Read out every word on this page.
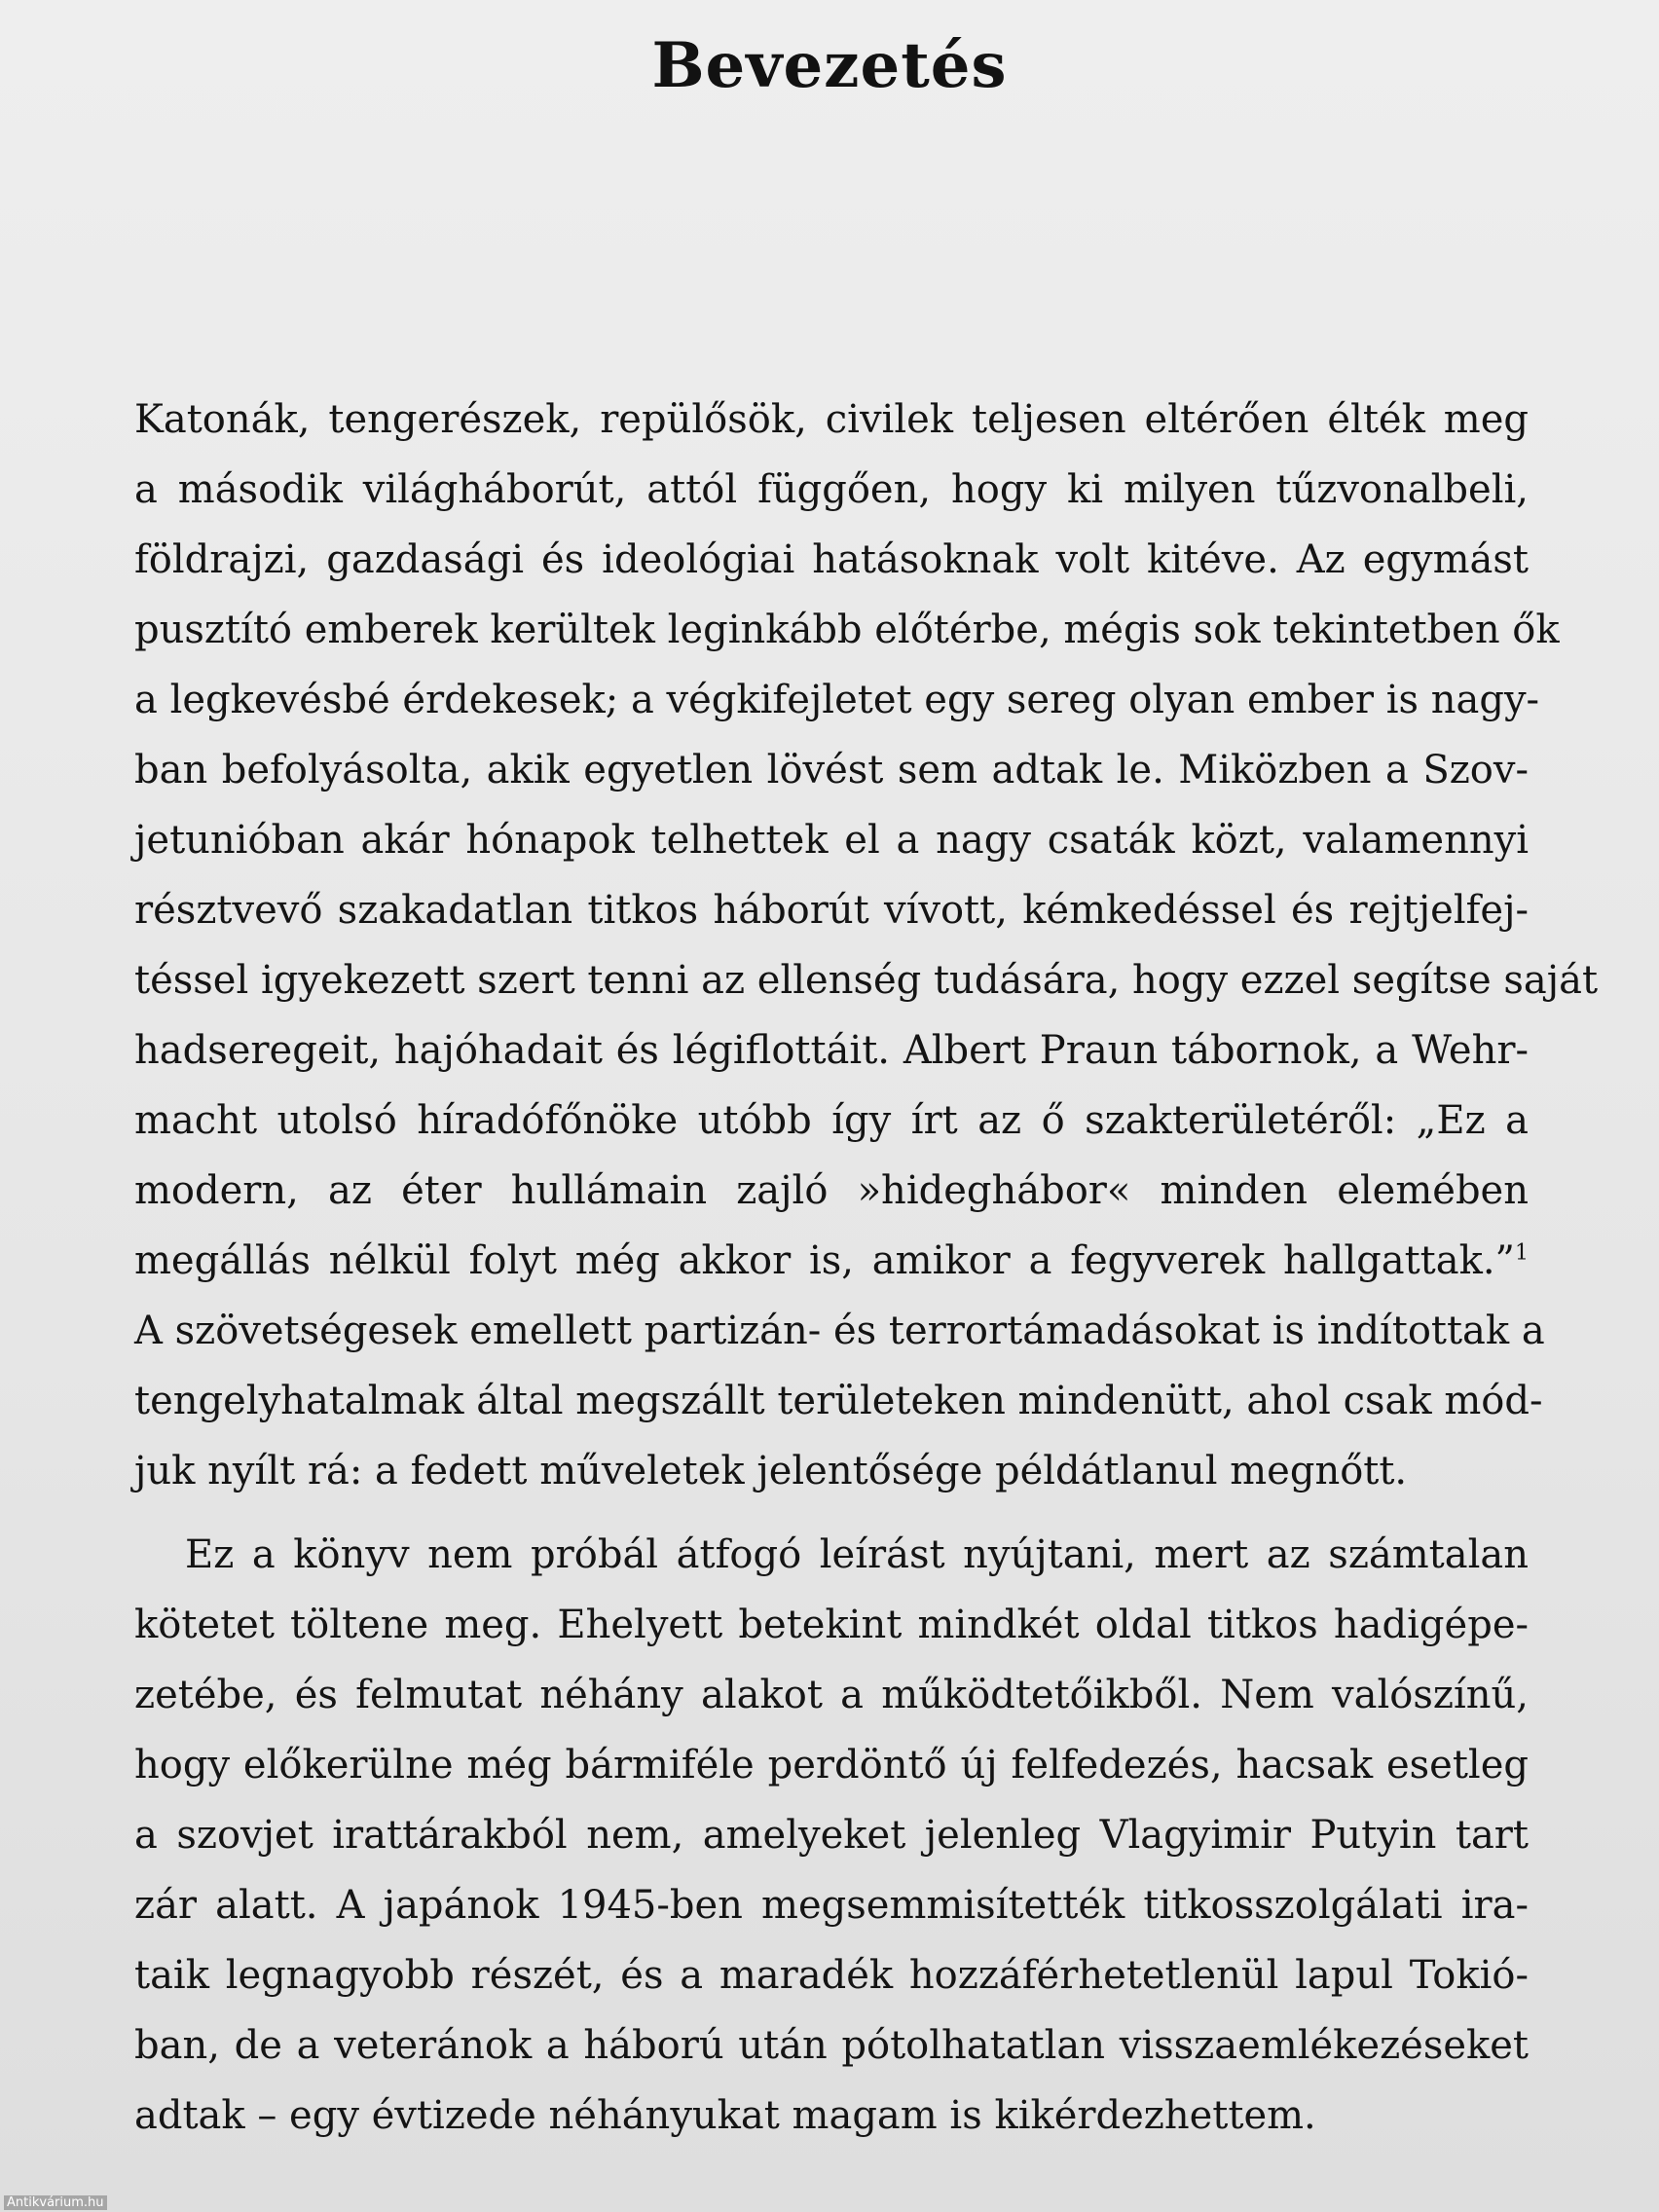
Bevezetés
Katonák, tengerészek, repülősök, civilek teljesen eltérően élték meg
a második világháborút, attól függően, hogy ki milyen tűzvonalbeli,
földrajzi, gazdasági és ideológiai hatásoknak volt kitéve. Az egymást
pusztító emberek kerültek leginkább előtérbe, mégis sok tekintetben ők
a legkevésbé érdekesek; a végkifejletet egy sereg olyan ember is nagy-
ban befolyásolta, akik egyetlen lövést sem adtak le. Miközben a Szov-
jetunióban akár hónapok telhettek el a nagy csaták közt, valamennyi
résztvevő szakadatlan titkos háborút vívott, kémkedéssel és rejtjelfej-
téssel igyekezett szert tenni az ellenség tudására, hogy ezzel segítse saját
hadseregeit, hajóhadait és légiflottáit. Albert Praun tábornok, a Wehr-
macht utolsó híradófőnöke utóbb így írt az ő szakterületéről: „Ez a
modern, az éter hullámain zajló »hideghábor« minden elemében
megállás nélkül folyt még akkor is, amikor a fegyverek hallgattak.”$^1$
A szövetségesek emellett partizán- és terrortámadásokat is indítottak a
tengelyhatalmak által megszállt területeken mindenütt, ahol csak mód-
juk nyílt rá: a fedett műveletek jelentősége példátlanul megnőtt.
Ez a könyv nem próbál átfogó leírást nyújtani, mert az számtalan
kötetet töltene meg. Ehelyett betekint mindkét oldal titkos hadigépe-
zetébe, és felmutat néhány alakot a működtetőikből. Nem valószínű,
hogy előkerülne még bármiféle perdöntő új felfedezés, hacsak esetleg
a szovjet irattárakból nem, amelyeket jelenleg Vlagyimir Putyin tart
zár alatt. A japánok 1945-ben megsemmisítették titkosszolgálati ira-
taik legnagyobb részét, és a maradék hozzáférhetetlenül lapul Tokió-
ban, de a veteránok a háború után pótolhatatlan visszaemlékezéseket
adtak – egy évtizede néhányukat magam is kikérdezhettem.
Antikvárium.hu
